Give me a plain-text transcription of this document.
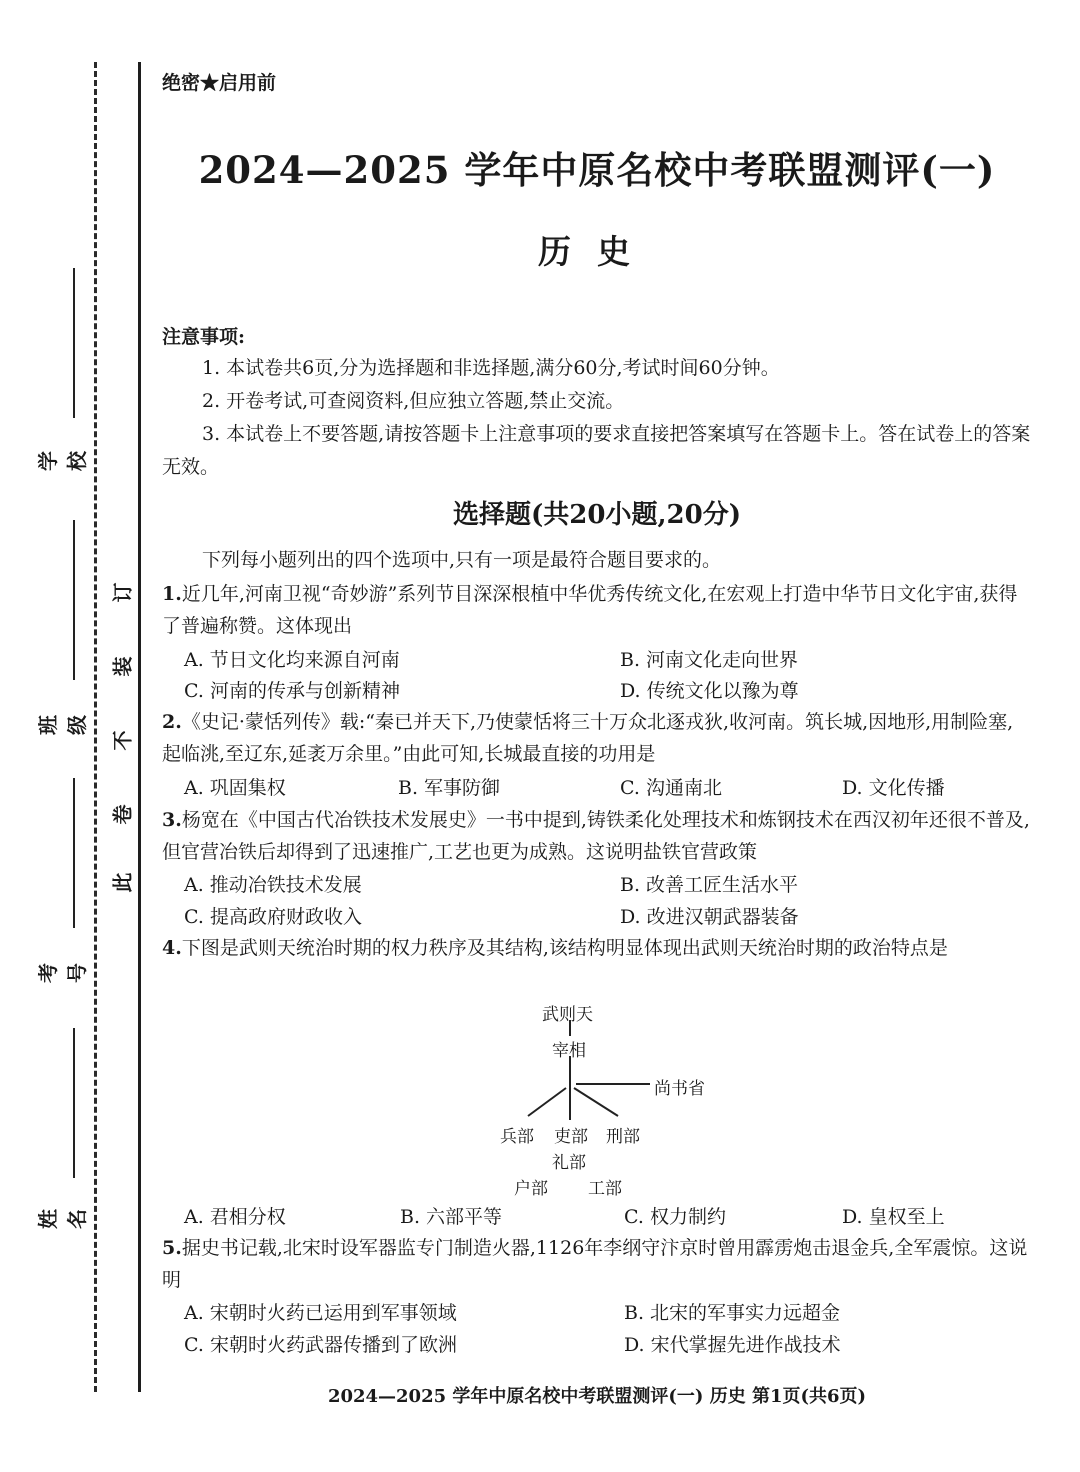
学校
班级
考号
姓名
此
卷
不
装
订
绝密★启用前
2024—2025 学年中原名校中考联盟测评(一)
历史
注意事项:
1. 本试卷共6页,分为选择题和非选择题,满分60分,考试时间60分钟。
2. 开卷考试,可查阅资料,但应独立答题,禁止交流。
3. 本试卷上不要答题,请按答题卡上注意事项的要求直接把答案填写在答题卡上。答在试卷上的答案无效。
选择题(共20小题,20分)
下列每小题列出的四个选项中,只有一项是最符合题目要求的。
1.近几年,河南卫视“奇妙游”系列节目深深根植中华优秀传统文化,在宏观上打造中华节日文化宇宙,获得了普遍称赞。这体现出
A. 节日文化均来源自河南	B. 河南文化走向世界
C. 河南的传承与创新精神	D. 传统文化以豫为尊
2.《史记·蒙恬列传》载:“秦已并天下,乃使蒙恬将三十万众北逐戎狄,收河南。筑长城,因地形,用制险塞,起临洮,至辽东,延袤万余里。”由此可知,长城最直接的功用是
A. 巩固集权	B. 军事防御	C. 沟通南北	D. 文化传播
3.杨宽在《中国古代冶铁技术发展史》一书中提到,铸铁柔化处理技术和炼钢技术在西汉初年还很不普及,但官营冶铁后却得到了迅速推广,工艺也更为成熟。这说明盐铁官营政策
A. 推动冶铁技术发展	B. 改善工匠生活水平
C. 提高政府财政收入	D. 改进汉朝武器装备
4.下图是武则天统治时期的权力秩序及其结构,该结构明显体现出武则天统治时期的政治特点是
武则天
宰相
尚书省
兵部 吏部 刑部
礼部
户部 工部
A. 君相分权	B. 六部平等	C. 权力制约	D. 皇权至上
5.据史书记载,北宋时设军器监专门制造火器,1126年李纲守汴京时曾用霹雳炮击退金兵,全军震惊。这说明
A. 宋朝时火药已运用到军事领域	B. 北宋的军事实力远超金
C. 宋朝时火药武器传播到了欧洲	D. 宋代掌握先进作战技术
2024—2025 学年中原名校中考联盟测评(一) 历史 第1页(共6页)
